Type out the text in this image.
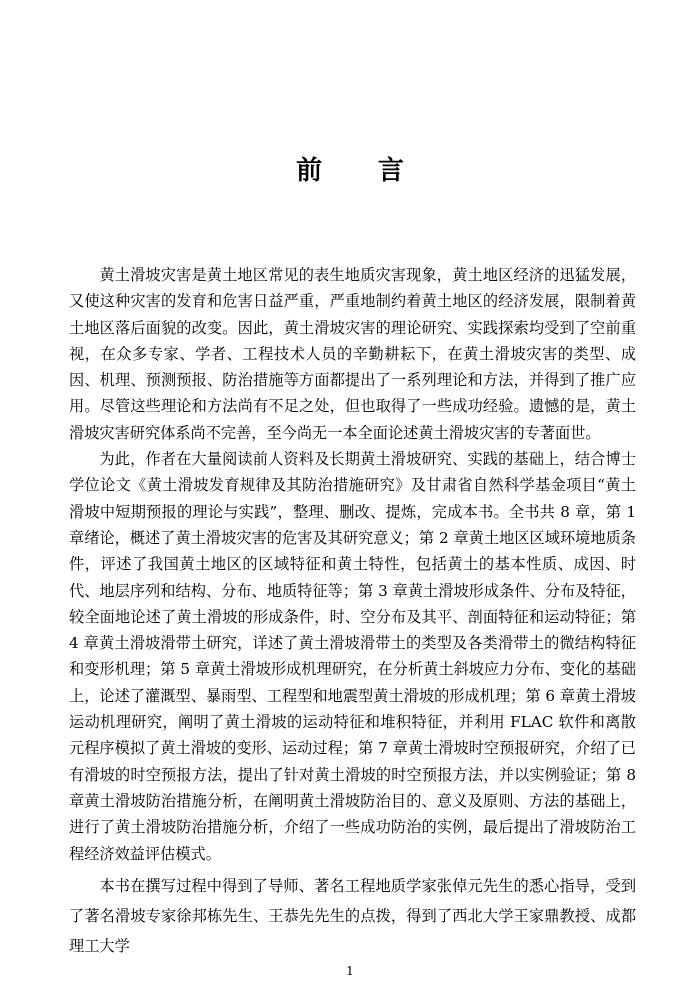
前 言

黄土滑坡灾害是黄土地区常见的表生地质灾害现象，黄土地区经济的迅猛发展，又使这种灾害的发育和危害日益严重，严重地制约着黄土地区的经济发展，限制着黄土地区落后面貌的改变。因此，黄土滑坡灾害的理论研究、实践探索均受到了空前重视，在众多专家、学者、工程技术人员的辛勤耕耘下，在黄土滑坡灾害的类型、成因、机理、预测预报、防治措施等方面都提出了一系列理论和方法，并得到了推广应用。尽管这些理论和方法尚有不足之处，但也取得了一些成功经验。遗憾的是，黄土滑坡灾害研究体系尚不完善，至今尚无一本全面论述黄土滑坡灾害的专著面世。

为此，作者在大量阅读前人资料及长期黄土滑坡研究、实践的基础上，结合博士学位论文《黄土滑坡发育规律及其防治措施研究》及甘肃省自然科学基金项目“黄土滑坡中短期预报的理论与实践”，整理、删改、提炼，完成本书。全书共 8 章，第 1 章绪论，概述了黄土滑坡灾害的危害及其研究意义；第 2 章黄土地区区域环境地质条件，评述了我国黄土地区的区域特征和黄土特性，包括黄土的基本性质、成因、时代、地层序列和结构、分布、地质特征等；第 3 章黄土滑坡形成条件、分布及特征，较全面地论述了黄土滑坡的形成条件，时、空分布及其平、剖面特征和运动特征；第 4 章黄土滑坡滑带土研究，详述了黄土滑坡滑带土的类型及各类滑带土的微结构特征和变形机理；第 5 章黄土滑坡形成机理研究，在分析黄土斜坡应力分布、变化的基础上，论述了灌溉型、暴雨型、工程型和地震型黄土滑坡的形成机理；第 6 章黄土滑坡运动机理研究，阐明了黄土滑坡的运动特征和堆积特征，并利用 FLAC 软件和离散元程序模拟了黄土滑坡的变形、运动过程；第 7 章黄土滑坡时空预报研究，介绍了已有滑坡的时空预报方法，提出了针对黄土滑坡的时空预报方法，并以实例验证；第 8 章黄土滑坡防治措施分析，在阐明黄土滑坡防治目的、意义及原则、方法的基础上，进行了黄土滑坡防治措施分析，介绍了一些成功防治的实例，最后提出了滑坡防治工程经济效益评估模式。

本书在撰写过程中得到了导师、著名工程地质学家张倬元先生的悉心指导，受到了著名滑坡专家徐邦栋先生、王恭先先生的点拨，得到了西北大学王家鼎教授、成都理工大学

1
